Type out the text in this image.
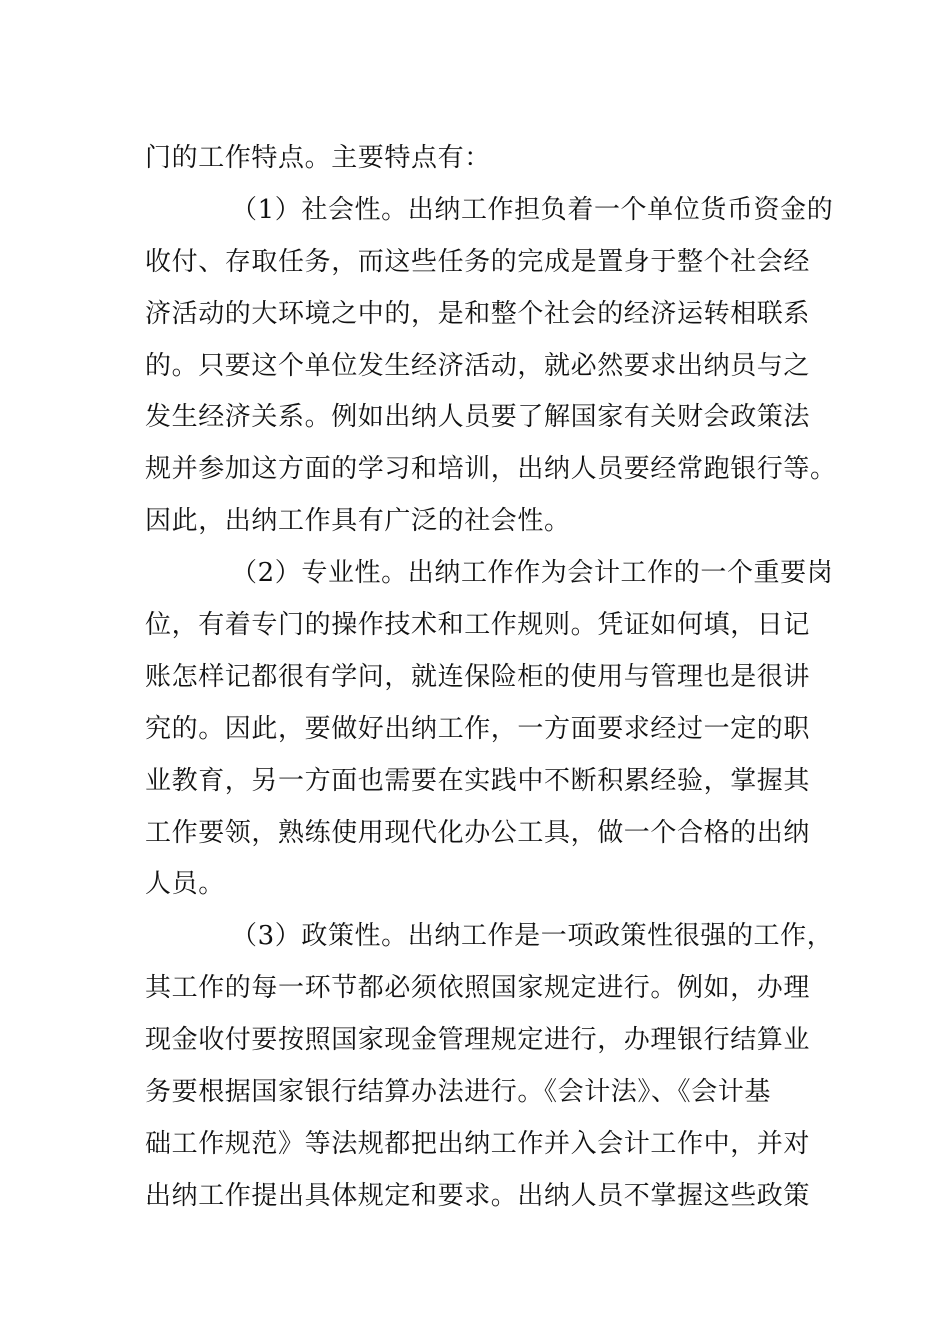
门的工作特点。主要特点有：
（1）社会性。出纳工作担负着一个单位货币资金的
收付、存取任务，而这些任务的完成是置身于整个社会经
济活动的大环境之中的，是和整个社会的经济运转相联系
的。只要这个单位发生经济活动，就必然要求出纳员与之
发生经济关系。例如出纳人员要了解国家有关财会政策法
规并参加这方面的学习和培训，出纳人员要经常跑银行等。
因此，出纳工作具有广泛的社会性。
（2）专业性。出纳工作作为会计工作的一个重要岗
位，有着专门的操作技术和工作规则。凭证如何填，日记
账怎样记都很有学问，就连保险柜的使用与管理也是很讲
究的。因此，要做好出纳工作，一方面要求经过一定的职
业教育，另一方面也需要在实践中不断积累经验，掌握其
工作要领，熟练使用现代化办公工具，做一个合格的出纳
人员。
（3）政策性。出纳工作是一项政策性很强的工作，
其工作的每一环节都必须依照国家规定进行。例如，办理
现金收付要按照国家现金管理规定进行，办理银行结算业
务要根据国家银行结算办法进行。《会计法》、《会计基
础工作规范》等法规都把出纳工作并入会计工作中，并对
出纳工作提出具体规定和要求。出纳人员不掌握这些政策
